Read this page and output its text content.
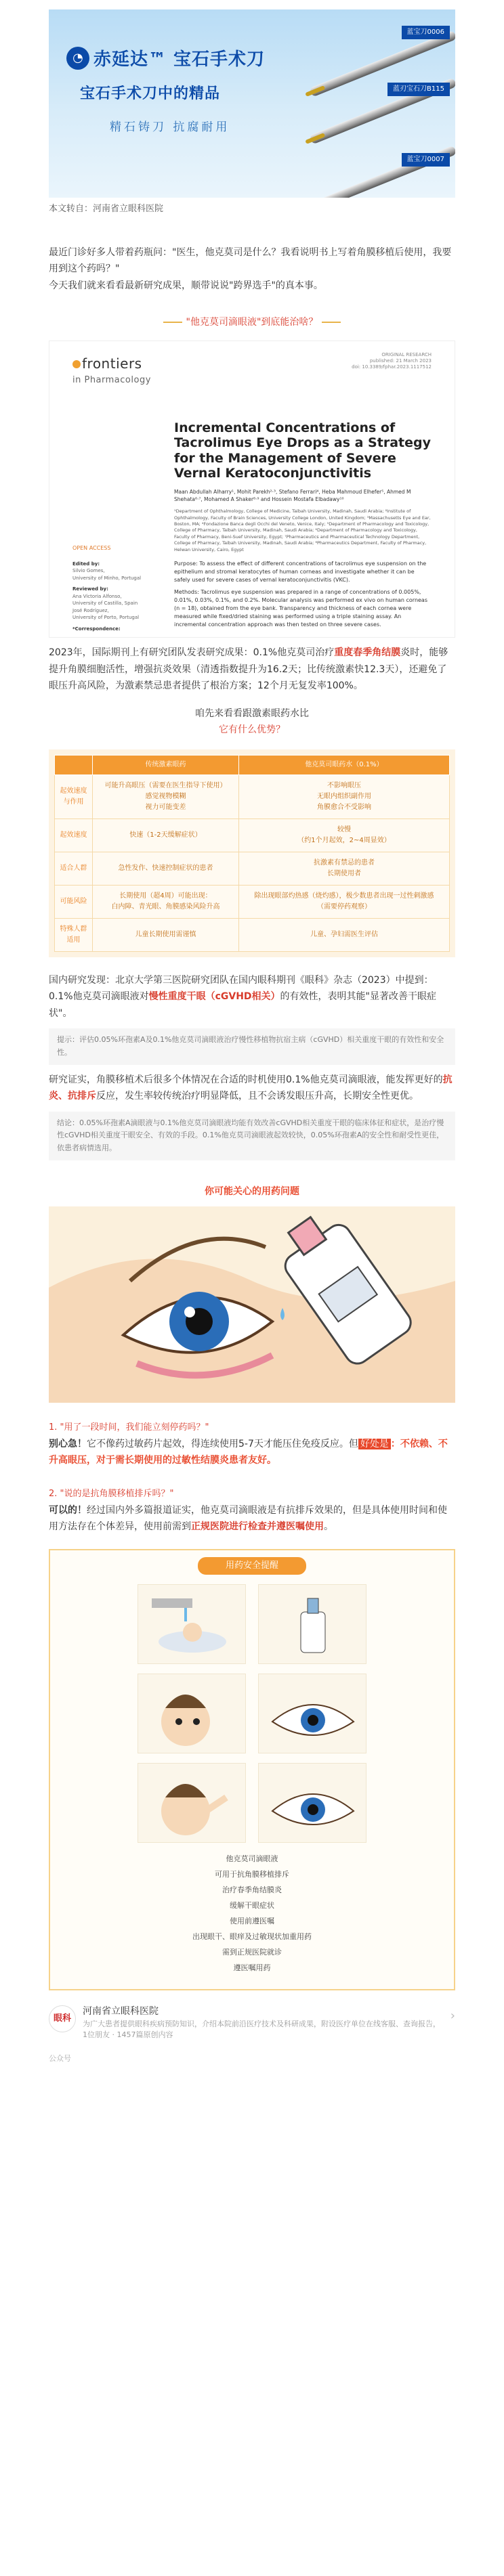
◔ 赤延达™ 宝石手术刀
宝石手术刀中的精品
精石铸刀 抗腐耐用
蓝宝刀0006
蓝刃宝石刀B115
蓝宝刀0007

本文转自：河南省立眼科医院

最近门诊好多人带着药瓶问："医生，他克莫司是什么？我看说明书上写着角膜移植后使用，我要用到这个药吗？"

今天我们就来看看最新研究成果，顺带说说"跨界选手"的真本事。

"他克莫司滴眼液"到底能治啥？
frontiers
in Pharmacology
ORIGINAL RESEARCH
published: 21 March 2023
doi: 10.3389/fphar.2023.1117512
Incremental Concentrations of Tacrolimus Eye Drops as a Strategy for the Management of Severe Vernal Keratoconjunctivitis
Maan Abdullah Alharry¹, Mohit Parekh²·³, Stefano Ferrari⁴, Heba Mahmoud Elhefer⁵, Ahmed M Shehata⁶·⁷, Mohamed A Shaker⁸·⁹ and Hossein Mostafa Elbadawy¹⁰
¹Department of Ophthalmology, College of Medicine, Taibah University, Madinah, Saudi Arabia; ²Institute of Ophthalmology, Faculty of Brain Sciences, University College London, United Kingdom; ³Massachusetts Eye and Ear, Boston, MA; ⁴Fondazione Banca degli Occhi del Veneto, Venice, Italy; ⁵Department of Pharmacology and Toxicology, College of Pharmacy, Taibah University, Madinah, Saudi Arabia; ⁶Department of Pharmacology and Toxicology, Faculty of Pharmacy, Beni-Suef University, Egypt; ⁷Pharmaceutics and Pharmaceutical Technology Department, College of Pharmacy, Taibah University, Madinah, Saudi Arabia; ⁸Pharmaceutics Department, Faculty of Pharmacy, Helwan University, Cairo, Egypt
OPEN ACCESS
Edited by:
Silvio Gomes,
University of Minho, Portugal
Reviewed by:
Ana Victoria Alfonso,
University of Castilla, Spain
José Rodríguez,
University of Porto, Portugal
*Correspondence:

Purpose: To assess the effect of different concentrations of tacrolimus eye suspension on the epithelium and stromal keratocytes of human corneas and investigate whether it can be safely used for severe cases of vernal keratoconjunctivitis (VKC).

Methods: Tacrolimus eye suspension was prepared in a range of concentrations of 0.005%, 0.01%, 0.03%, 0.1%, and 0.2%. Molecular analysis was performed ex vivo on human corneas (n = 18), obtained from the eye bank. Transparency and thickness of each cornea were measured while fixed/dried staining was performed using a triple staining assay. An incremental concentration approach was then tested on three severe cases.

2023年，国际期刊上有研究团队发表研究成果：0.1%他克莫司治疗重度春季角结膜炎时，能够提升角膜细胞活性，增强抗炎效果（清透指数提升为16.2天；比传统激素快12.3天），还避免了眼压升高风险，为激素禁忌患者提供了根治方案；12个月无复发率100%。

咱先来看看跟激素眼药水比

它有什么优势？

	传统激素眼药	他克莫司眼药水（0.1%）
起效速度与作用	可能升高眼压（需要在医生指导下使用）
感觉视物模糊
视力可能变差	不影响眼压
无眼内组织副作用
角膜愈合不受影响
起效速度	快速（1-2天缓解症状）	较慢
（约1个月起效，2~4周显效）
适合人群	急性发作、快速控制症状的患者	抗激素有禁忌的患者
长期使用者
可能风险	长期使用（超4周）可能出现：
白内障、青光眼、角膜感染风险升高	除出现眼部灼热感（烧灼感），极少数患者出现一过性刺激感
（需要停药观察）
特殊人群适用	儿童长期使用需谨慎	儿童、孕妇需医生评估

国内研究发现：北京大学第三医院研究团队在国内眼科期刊《眼科》杂志（2023）中提到：0.1%他克莫司滴眼液对慢性重度干眼（cGVHD相关）的有效性，表明其能"显著改善干眼症状"。

提示：评估0.05%环孢素A及0.1%他克莫司滴眼液治疗慢性移植物抗宿主病（cGVHD）相关重度干眼的有效性和安全性。

研究证实，角膜移植术后很多个体情况在合适的时机使用0.1%他克莫司滴眼液，能发挥更好的抗炎、抗排斥反应，发生率较传统治疗明显降低，且不会诱发眼压升高，长期安全性更优。

结论：0.05%环孢素A滴眼液与0.1%他克莫司滴眼液均能有效改善cGVHD相关重度干眼的临床体征和症状，是治疗慢性cGVHD相关重度干眼安全、有效的手段。0.1%他克莫司滴眼液起效较快，0.05%环孢素A的安全性和耐受性更佳，依患者病情选用。
你可能关心的用药问题

1. "用了一段时间，我们能立刻停药吗？"

别心急！它不像药过敏药片起效，得连续使用5-7天才能压住免疫反应。但 好处是 ：不依赖、不升高眼压，对于需长期使用的过敏性结膜炎患者友好。

2. "说的是抗角膜移植排斥吗？"

可以的！经过国内外多篇报道证实，他克莫司滴眼液是有抗排斥效果的，但是具体使用时间和使用方法存在个体差异，使用前需到正规医院进行检查并遵医嘱使用。

用药安全提醒
他克莫司滴眼液
可用于抗角膜移植排斥
治疗春季角结膜炎
缓解干眼症状
使用前遵医嘱
出现眼干、眼痒及过敏现状加重用药
需到正规医院就诊
遵医嘱用药
眼科
河南省立眼科医院
为广大患者提供眼科疾病预防知识，介绍本院前沿医疗技术及科研成果，附设医疗单位在线客服、查询报告，
1位朋友 · 1457篇原创内容
›
公众号
